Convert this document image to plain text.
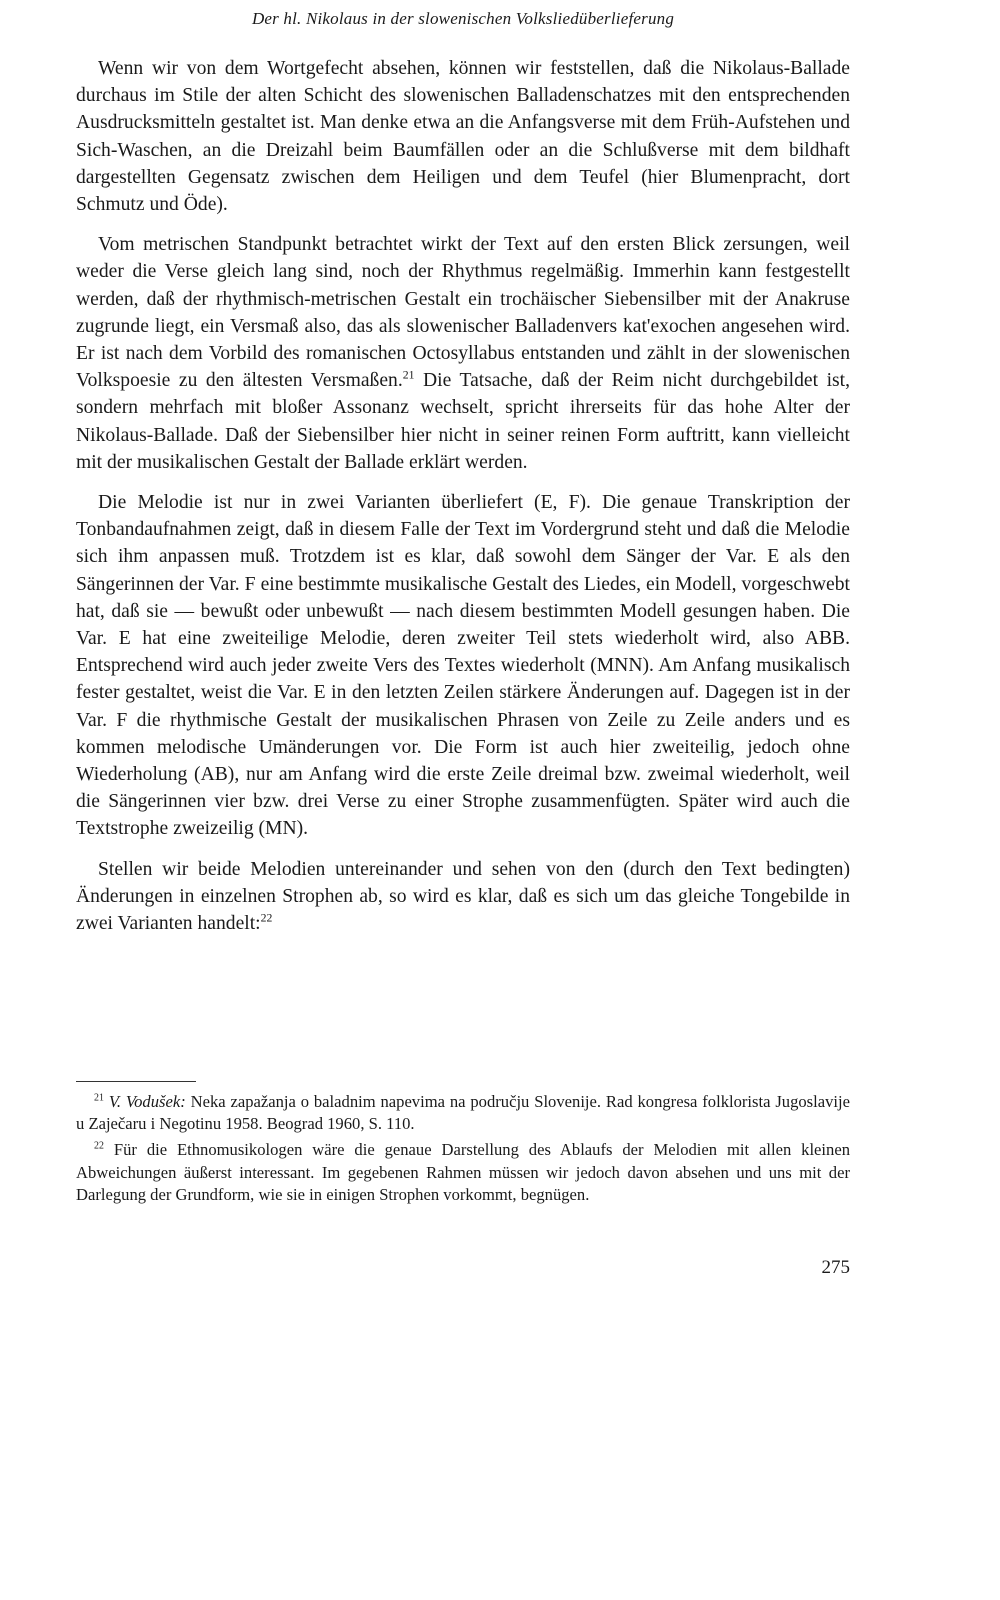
Der hl. Nikolaus in der slowenischen Volksliedüberlieferung

Wenn wir von dem Wortgefecht absehen, können wir feststellen, daß die Nikolaus-Ballade durchaus im Stile der alten Schicht des slowenischen Balladenschatzes mit den entsprechenden Ausdrucksmitteln gestaltet ist. Man denke etwa an die Anfangsverse mit dem Früh-Aufstehen und Sich-Waschen, an die Dreizahl beim Baumfällen oder an die Schlußverse mit dem bildhaft dargestellten Gegensatz zwischen dem Heiligen und dem Teufel (hier Blumenpracht, dort Schmutz und Öde).

Vom metrischen Standpunkt betrachtet wirkt der Text auf den ersten Blick zersungen, weil weder die Verse gleich lang sind, noch der Rhythmus regelmäßig. Immerhin kann festgestellt werden, daß der rhythmisch-metrischen Gestalt ein trochäischer Siebensilber mit der Anakruse zugrunde liegt, ein Versmaß also, das als slowenischer Balladenvers kat'exochen angesehen wird. Er ist nach dem Vorbild des romanischen Octosyllabus entstanden und zählt in der slowenischen Volkspoesie zu den ältesten Versmaßen.$^{21}$ Die Tatsache, daß der Reim nicht durchgebildet ist, sondern mehrfach mit bloßer Assonanz wechselt, spricht ihrerseits für das hohe Alter der Nikolaus-Ballade. Daß der Siebensilber hier nicht in seiner reinen Form auftritt, kann vielleicht mit der musikalischen Gestalt der Ballade erklärt werden.

Die Melodie ist nur in zwei Varianten überliefert (E, F). Die genaue Transkription der Tonbandaufnahmen zeigt, daß in diesem Falle der Text im Vordergrund steht und daß die Melodie sich ihm anpassen muß. Trotzdem ist es klar, daß sowohl dem Sänger der Var. E als den Sängerinnen der Var. F eine bestimmte musikalische Gestalt des Liedes, ein Modell, vorgeschwebt hat, daß sie — bewußt oder unbewußt — nach diesem bestimmten Modell gesungen haben. Die Var. E hat eine zweiteilige Melodie, deren zweiter Teil stets wiederholt wird, also ABB. Entsprechend wird auch jeder zweite Vers des Textes wiederholt (MNN). Am Anfang musikalisch fester gestaltet, weist die Var. E in den letzten Zeilen stärkere Änderungen auf. Dagegen ist in der Var. F die rhythmische Gestalt der musikalischen Phrasen von Zeile zu Zeile anders und es kommen melodische Umänderungen vor. Die Form ist auch hier zweiteilig, jedoch ohne Wiederholung (AB), nur am Anfang wird die erste Zeile dreimal bzw. zweimal wiederholt, weil die Sängerinnen vier bzw. drei Verse zu einer Strophe zusammenfügten. Später wird auch die Textstrophe zweizeilig (MN).

Stellen wir beide Melodien untereinander und sehen von den (durch den Text bedingten) Änderungen in einzelnen Strophen ab, so wird es klar, daß es sich um das gleiche Tongebilde in zwei Varianten handelt:$^{22}$

$^{21}$ V. Vodušek: Neka zapažanja o baladnim napevima na području Slovenije. Rad kongresa folklorista Jugoslavije u Zaječaru i Negotinu 1958. Beograd 1960, S. 110.

$^{22}$ Für die Ethnomusikologen wäre die genaue Darstellung des Ablaufs der Melodien mit allen kleinen Abweichungen äußerst interessant. Im gegebenen Rahmen müssen wir jedoch davon absehen und uns mit der Darlegung der Grundform, wie sie in einigen Strophen vorkommt, begnügen.

275
